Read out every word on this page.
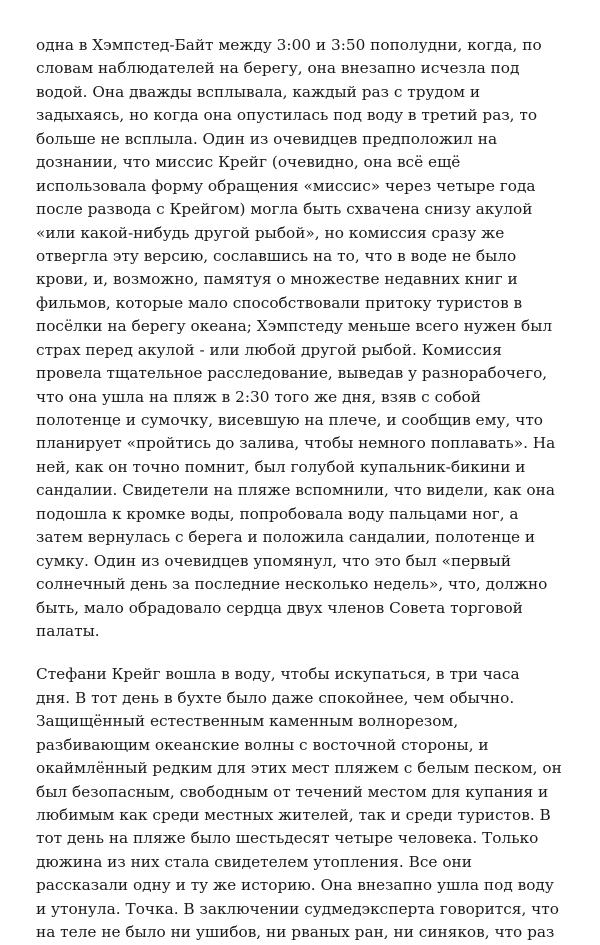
одна в Хэмпстед-Байт между 3:00 и 3:50 пополудни, когда, по
словам наблюдателей на берегу, она внезапно исчезла под
водой. Она дважды всплывала, каждый раз с трудом и
задыхаясь, но когда она опустилась под воду в третий раз, то
больше не всплыла. Один из очевидцев предположил на
дознании, что миссис Крейг (очевидно, она всё ещё
использовала форму обращения «миссис» через четыре года
после развода с Крейгом) могла быть схвачена снизу акулой
«или какой-нибудь другой рыбой», но комиссия сразу же
отвергла эту версию, сославшись на то, что в воде не было
крови, и, возможно, памятуя о множестве недавних книг и
фильмов, которые мало способствовали притоку туристов в
посёлки на берегу океана; Хэмпстеду меньше всего нужен был
страх перед акулой - или любой другой рыбой. Комиссия
провела тщательное расследование, выведав у разнорабочего,
что она ушла на пляж в 2:30 того же дня, взяв с собой
полотенце и сумочку, висевшую на плече, и сообщив ему, что
планирует «пройтись до залива, чтобы немного поплавать». На
ней, как он точно помнит, был голубой купальник-бикини и
сандалии. Свидетели на пляже вспомнили, что видели, как она
подошла к кромке воды, попробовала воду пальцами ног, а
затем вернулась с берега и положила сандалии, полотенце и
сумку. Один из очевидцев упомянул, что это был «первый
солнечный день за последние несколько недель», что, должно
быть, мало обрадовало сердца двух членов Совета торговой
палаты.
Стефани Крейг вошла в воду, чтобы искупаться, в три часа
дня. В тот день в бухте было даже спокойнее, чем обычно.
Защищённый естественным каменным волнорезом,
разбивающим океанские волны с восточной стороны, и
окаймлённый редким для этих мест пляжем с белым песком, он
был безопасным, свободным от течений местом для купания и
любимым как среди местных жителей, так и среди туристов. В
тот день на пляже было шестьдесят четыре человека. Только
дюжина из них стала свидетелем утопления. Все они
рассказали одну и ту же историю. Она внезапно ушла под воду
и утонула. Точка. В заключении судмедэксперта говорится, что
на теле не было ни ушибов, ни рваных ран, ни синяков, что раз
